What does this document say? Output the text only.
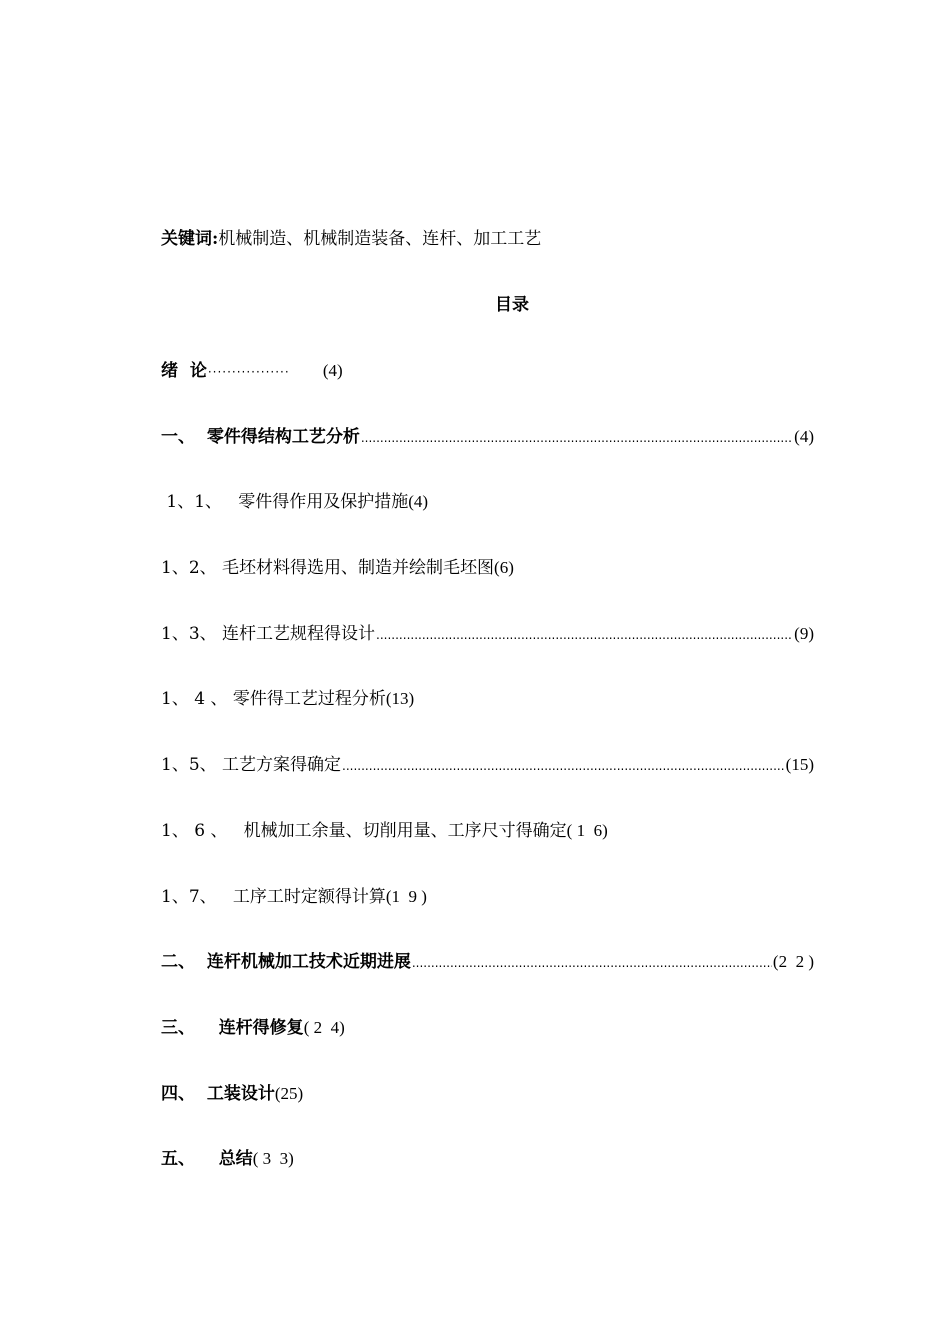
关键词:机械制造、机械制造装备、连杆、加工工艺
目录
绪  论 ·····	(4)
一、 零件得结构工艺分析 .....	(4)
1、1、 零件得作用及保护措施 (4)
1、2、 毛坯材料得选用、制造并绘制毛坯图 (6)
1、3、 连杆工艺规程得设计 .....	(9)
1、 4 、 零件得工艺过程分析 (13)
1、5、 工艺方案得确定 .....	(15)
1、 6 、 机械加工余量、切削用量、工序尺寸得确定 ( 1  6)
1、7、 工序工时定额得计算 (1  9 )
二、 连杆机械加工技术近期进展 .....	(2  2 )
三、 连杆得修复 ( 2  4)
四、 工装设计 (25)
五、 总结 ( 3  3)
